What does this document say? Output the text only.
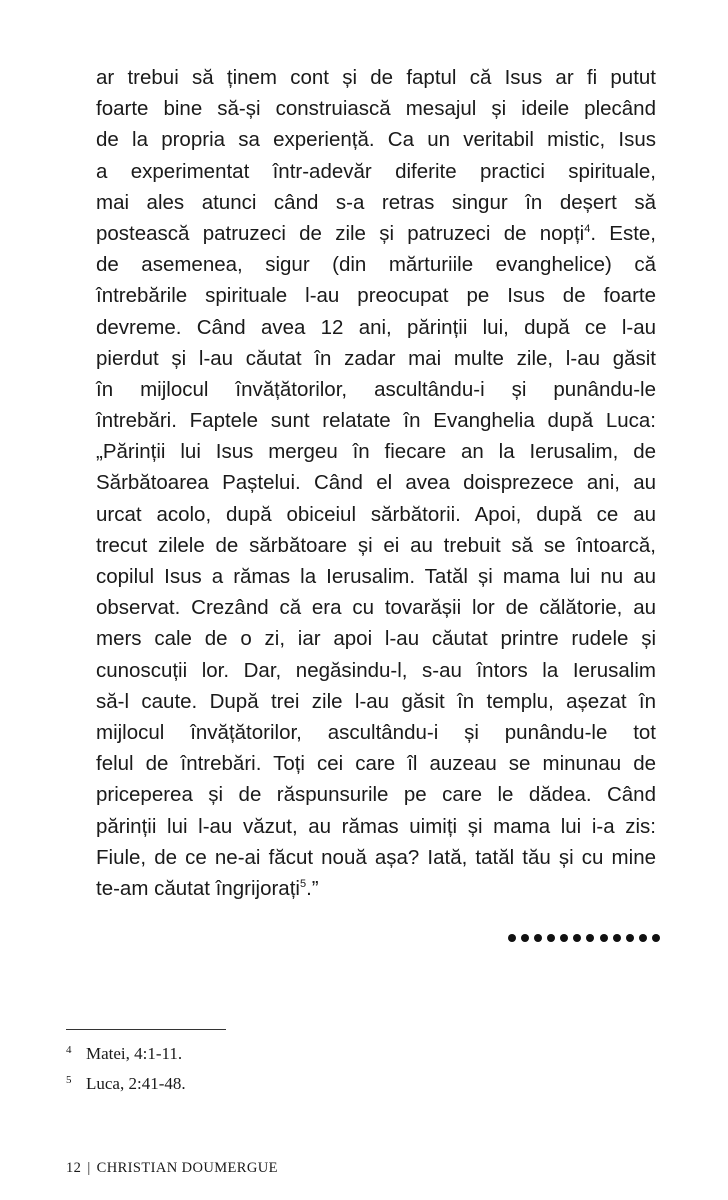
ar trebui să ținem cont și de faptul că Isus ar fi putut
foarte bine să-și construiască mesajul și ideile plecând
de la propria sa experiență. Ca un veritabil mistic, Isus
a experimentat într-adevăr diferite practici spirituale,
mai ales atunci când s-a retras singur în deșert să
postească patruzeci de zile și patruzeci de nopți$^4$. Este,
de asemenea, sigur (din mărturiile evanghelice) că
întrebările spirituale l-au preocupat pe Isus de foarte
devreme. Când avea 12 ani, părinții lui, după ce l-au
pierdut și l-au căutat în zadar mai multe zile, l-au găsit
în mijlocul învățătorilor, ascultându-i și punându-le
întrebări. Faptele sunt relatate în Evanghelia după Luca:
„Părinții lui Isus mergeu în fiecare an la Ierusalim, de
Sărbătoarea Paștelui. Când el avea doisprezece ani, au
urcat acolo, după obiceiul sărbătorii. Apoi, după ce au
trecut zilele de sărbătoare și ei au trebuit să se întoarcă,
copilul Isus a rămas la Ierusalim. Tatăl și mama lui nu au
observat. Crezând că era cu tovarășii lor de călătorie, au
mers cale de o zi, iar apoi l-au căutat printre rudele și
cunoscuții lor. Dar, negăsindu-l, s-au întors la Ierusalim
să-l caute. După trei zile l-au găsit în templu, așezat în
mijlocul învățătorilor, ascultându-i și punându-le tot
felul de întrebări. Toți cei care îl auzeau se minunau de
priceperea și de răspunsurile pe care le dădea. Când
părinții lui l-au văzut, au rămas uimiți și mama lui i-a zis:
Fiule, de ce ne-ai făcut nouă așa? Iată, tatăl tău și cu mine
te-am căutat îngrijorați$^5$.”
4 Matei, 4:1-11.
5 Luca, 2:41-48.
12 | CHRISTIAN DOUMERGUE
